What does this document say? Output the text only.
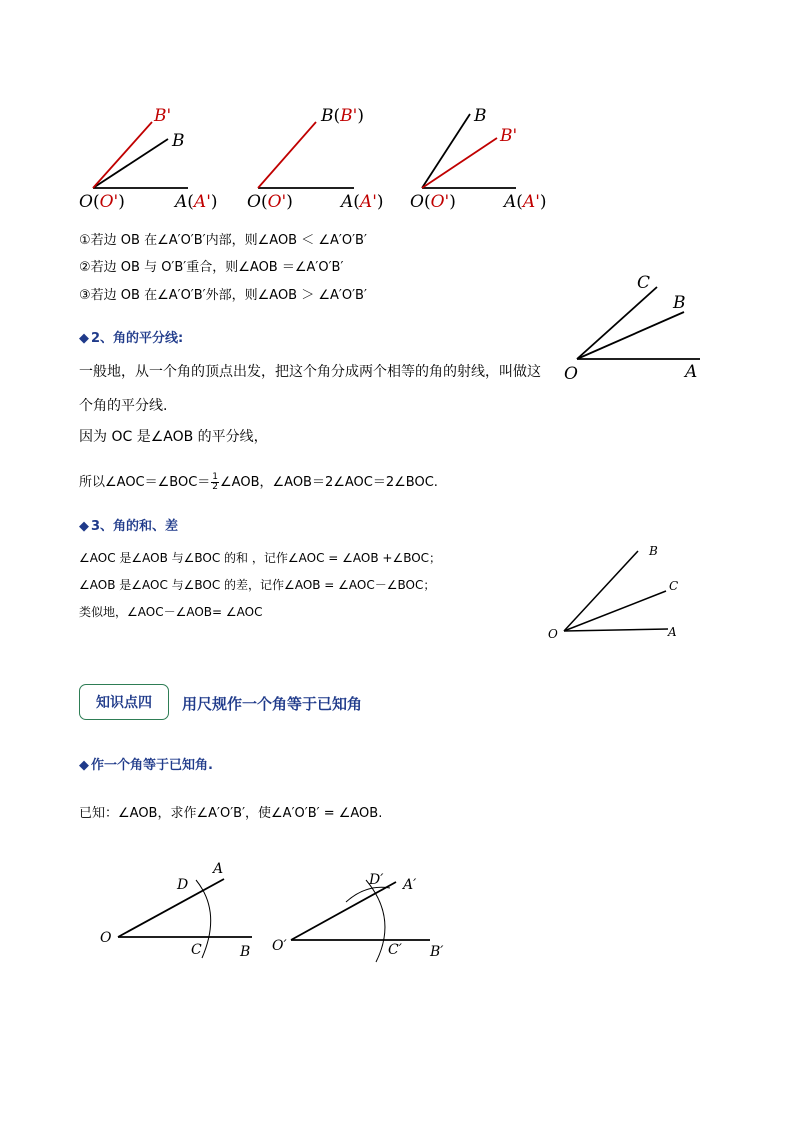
B'
B
O(O')	A(A')
B(B')
O(O')	A(A')
B
B'
O(O')	A(A')
①若边 OB 在∠A′O′B′内部，则∠AOB ＜ ∠A′O′B′
②若边 OB 与 O′B′重合，则∠AOB ＝∠A′O′B′
③若边 OB 在∠A′O′B′外部，则∠AOB ＞ ∠A′O′B′
◆ 2、角的平分线:
一般地，从一个角的顶点出发，把这个角分成两个相等的角的射线，叫做这
个角的平分线.
因为 OC 是∠AOB 的平分线，
所以∠AOC＝∠BOC＝ $\frac{1}{2}$ ∠AOB，∠AOB＝2∠AOC＝2∠BOC.
C
B
O	A
◆ 3、角的和、差
∠AOC 是∠AOB 与∠BOC 的和 ，记作∠AOC = ∠AOB +∠BOC；
∠AOB 是∠AOC 与∠BOC 的差，记作∠AOB = ∠AOC－∠BOC；
类似地，∠AOC－∠AOB= ∠AOC
B
C
O	A
知识点四	用尺规作一个角等于已知角
◆ 作一个角等于已知角.
已知：∠AOB，求作∠A′O′B′，使∠A′O′B′ = ∠AOB.
A
D
O
C	B
D′ A′
O′	C′ B′
